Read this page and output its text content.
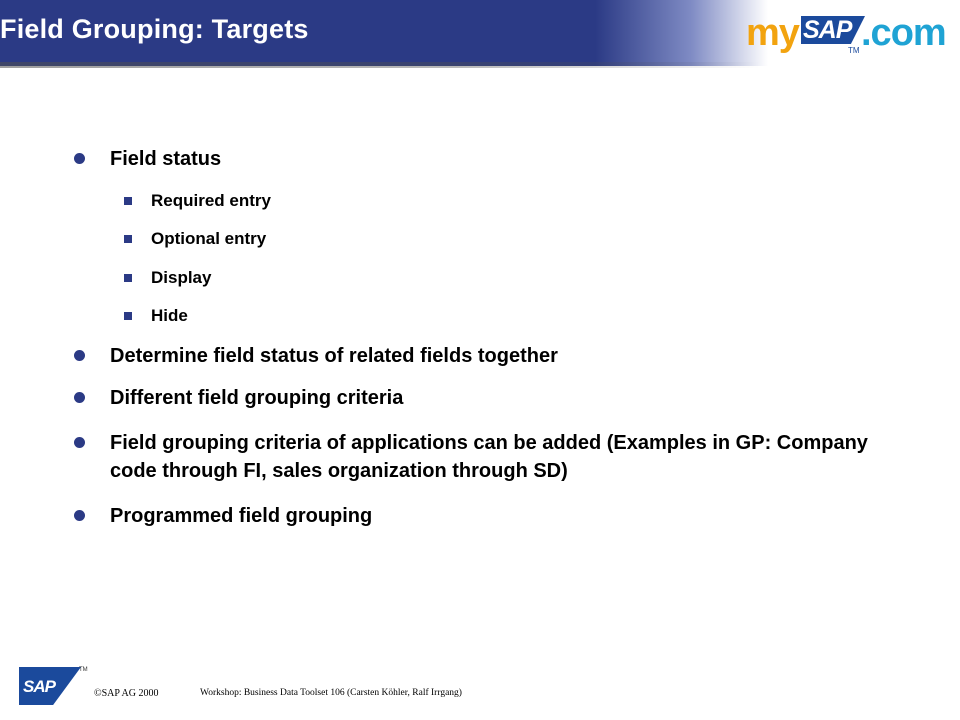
Field Grouping: Targets	my SAP .com
TM
Field status
Required entry
Optional entry
Display
Hide
Determine field status of related fields together
Different field grouping criteria
Field grouping criteria of applications can be added (Examples in GP: Company code through FI, sales organization through SD)
Programmed field grouping
SAP
TM
©SAP AG 2000	Workshop: Business Data Toolset 106 (Carsten Köhler, Ralf Irrgang)
